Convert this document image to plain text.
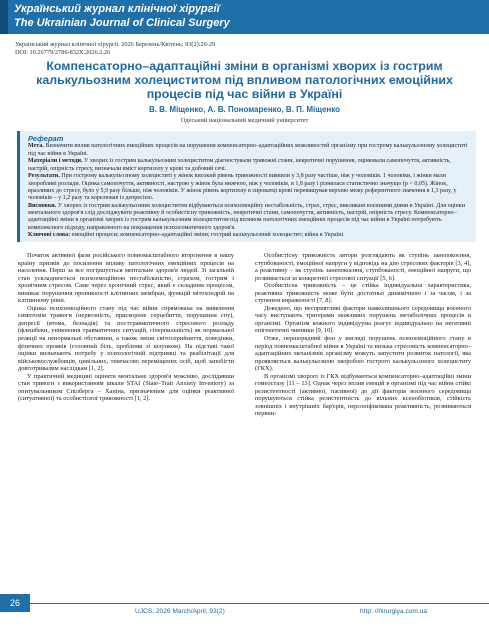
Український журнал клінічної хірургії
The Ukrainian Journal of Clinical Surgery
Український журнал клінічної хірургії. 2026 Березень/Квітень; 93(2):26-29
DOI: 10.26779/2786-832X.2026.2.26
Компенсаторно–адаптаційні зміни в організмі хворих із гострим калькульозним холециститом під впливом патологічних емоційних процесів під час війни в Україні
В. В. Міщенко, А. В. Пономаренко, В. П. Міщенко
Одеський національний медичний університет
Реферат

Мета. Визначити вплив патологічних емоційних процесів на порушення компенсаторно–адаптаційних можливостей організму при гострому калькульозному холециститі під час війни в Україні.

Матеріали і методи. У хворих із гострим калькульозним холециститом діагностували тривожні стани, некротичні порушення, оцінювали самопочуття, активність, настрій, опірність стресу, визначали вміст кортизолу у крові та добовий сечі.

Результати. При гострому калькульозному холециститі у жінок високий рівень тривожності виявили у 3,8 разу частіше, ніж у чоловіків. 1 чоловіки, і жінки мали хворобливі розлади. Оцінка самопочуття, активності, настрою у жінок була нижчою, ніж у чоловіків, в 1,8 разу і різнилася статистично значущо (p < 0,05). Жінок, вразливих до стресу, було у 5,9 разу більше, ніж чоловіків. У жінок рівень кортизолу в сироватці крові перевищував верхню межу референтного значення в 1,3 разу, у чоловіків – у 1,2 разу та корелював із депресією.

Висновки. У хворих із гострим калькульозним холециститом відбуваються психоемоційну нестабільність, страх, стрес, викликані воєнними діями в Україні. Для оцінки ментального здоров'я слід досліджувати реактивну й особистісну тривожність, невротичні стани, самопочуття, активність, настрій, опірність стресу. Компенсаторно–адаптаційні зміни в організмі хворих із гострим калькульозним холециститом під впливом патологічних емоційних процесів під час війни в Україні потребують комплексного підходу, направленого на покращення психосоматичного здоров'я.

Ключові слова: емоційні процеси; компенсаторно–адаптаційні зміни; гострий калькульозний холецистит; війна в Україні.

Початок активної фази російського повномасштабного вторгнення в нашу країну призвів до посилення впливу патологічних емоційних процесів на населення. Перш за все погіршується ментальне здоров'я людей. Зі загальній стан ускладнюється психоемоційною нестабільністю, страхом, гострим і хронічним стресом. Саме через хронічний стрес, який є складним процесом, виникає порушення проникності клітинних мембран, функцій мітохондрій на клітинному рівні.

Оцінка психоемоційного стану під час війни спрямована на виявлення симптомів тривоги (нервозність, прискорене серцебиття, порушення сну), депресії (втома, безнадія) та посттравматичного стресового розладу (флешбеки, уникнення травматичних ситуацій, гіперпильність) як нормальної реакції на ненормальні обставини, а також зміни світосприйняття, поведінки, фізичних проявів (головний біль, проблеми зі шлунком). На підставі такої оцінки визначають потребу у психологічній підтримці та реабілітації для військовослужбовців, цивільних, тимчасово переміщених осіб, щоб запобігти довготривалим наслідкам [1, 2].

У практичній медицині оцінити ментальне здоров'я можливо, дослідивши стан тривоги з використанням шкали STAI (State–Trait Anxiety Inventory) за опитувальником Спілберга – Ханіна, призначеним для оцінки реактивної (ситуативної) та особистісної тривожності [1, 2].

Особистісну тривожність автори розглядають як ступінь занепокоєння, ступбованості, емоційної напруги у відповідь на дію стресових факторів [3, 4], а реактивну – як ступінь занепокоєння, ступбованості, емоційної напруги, що розвивається за конкретної стресової ситуації [5, 6].

Особистісна тривожність – це стійка індивідуальна характеристика, реактивна тривожність може бути достатньо динамічною і за часом, і за ступенем вираженості [7, 8].

Доведено, що несприятливі фактори навколишнього середовища воєнного часу виступають тригерами можливих порушень метаболічних процесів в організмі. Організм кожного індивідуума реагує індивідуально на негативні епігенетичні чинники [9, 10].

Отже, першорядний фон у вигляді порушень психоемоційного стану в період повномасштабної війни в Україні та низька стресовість компенсаторно–адаптаційних механізмів організму можуть запустити розвиток патології, яка проявляється калькульозною хворобою гострого калькульозного холециститу (ГКХ).

В організмі хворого із ГКХ відбуваються компенсаторно–адаптаційні зміни гомеостазу [11 – 13]. Однак через вплив емоцій в організмі під час війни стійкі резистентності (активної, пасивної) до дії факторів воєнного середовища порушуються стійка резистентність до вільних ксенобіотиків, стійкість зовнішніх і внутрішніх бар'єрів, персоніфікована реактивність, розвиваються первин-

26
UJCS, 2026 March/April; 93(2)	http: //hirurgiya.com.ua
